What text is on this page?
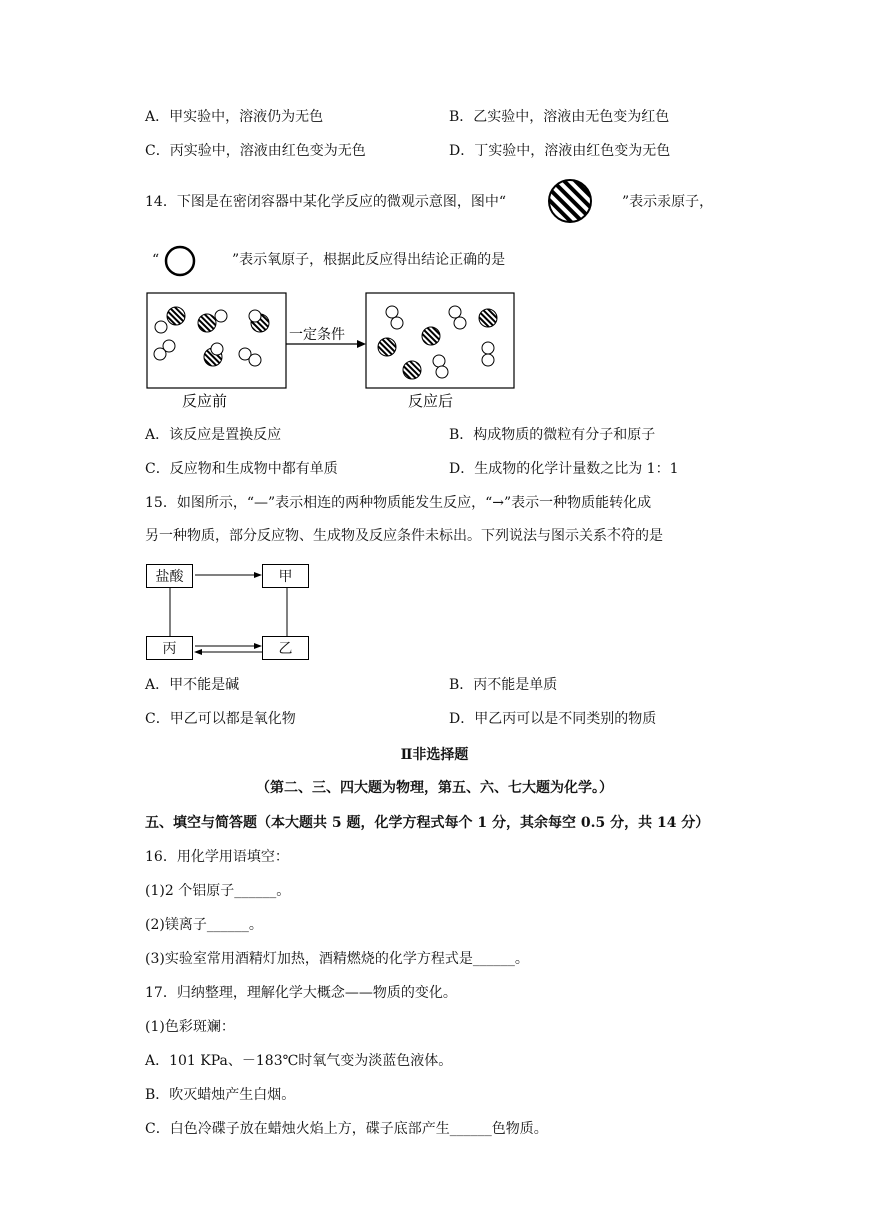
A．甲实验中，溶液仍为无色	B．乙实验中，溶液由无色变为红色
C．丙实验中，溶液由红色变为无色	D．丁实验中，溶液由红色变为无色
14．下图是在密闭容器中某化学反应的微观示意图，图中“	”表示汞原子，
“	”表示氧原子，根据此反应得出结论正确的是
一定条件
反应前	反应后
A．该反应是置换反应	B．构成物质的微粒有分子和原子
C．反应物和生成物中都有单质	D．生成物的化学计量数之比为 1：1
15．如图所示，“—”表示相连的两种物质能发生反应，“→”表示一种物质能转化成
另一种物质，部分反应物、生成物及反应条件未标出。下列说法与图示关系不符的是
盐酸	甲
丙	乙
A．甲不能是碱	B．丙不能是单质
C．甲乙可以都是氧化物	D．甲乙丙可以是不同类别的物质
Ⅱ非选择题
（第二、三、四大题为物理，第五、六、七大题为化学。）
五、填空与简答题（本大题共 5 题，化学方程式每个 1 分，其余每空 0.5 分，共 14 分）
16．用化学用语填空：
(1)2 个铝原子______。
(2)镁离子______。
(3)实验室常用酒精灯加热，酒精燃烧的化学方程式是______。
17．归纳整理，理解化学大概念——物质的变化。
(1)色彩斑斓：
A．101 KPa、－183℃时氧气变为淡蓝色液体。
B．吹灭蜡烛产生白烟。
C．白色冷碟子放在蜡烛火焰上方，碟子底部产生______色物质。
